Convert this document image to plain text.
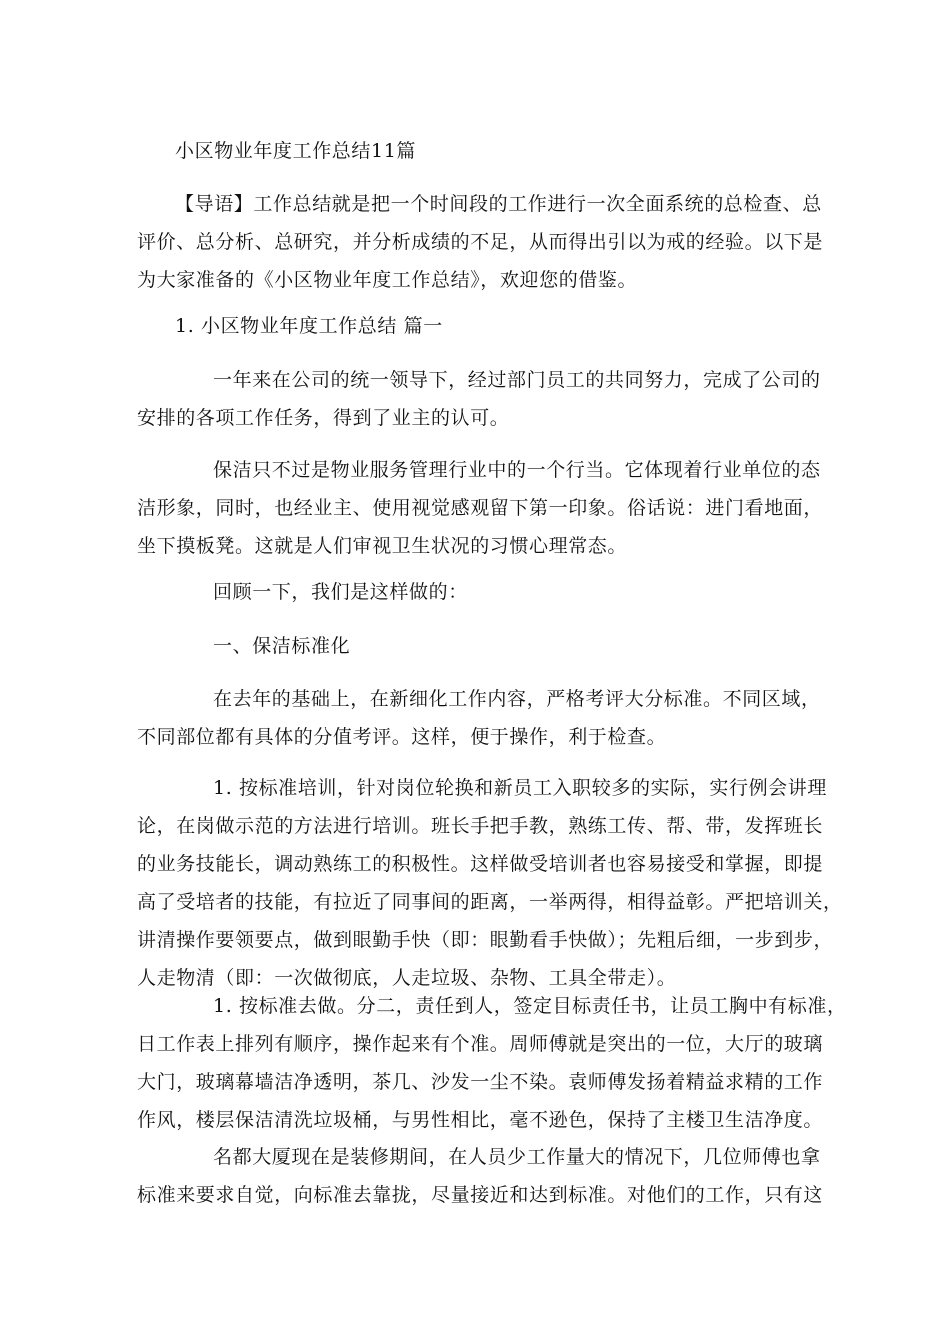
小区物业年度工作总结11篇
【导语】工作总结就是把一个时间段的工作进行一次全面系统的总检查、总
评价、总分析、总研究，并分析成绩的不足，从而得出引以为戒的经验。以下是
为大家准备的《小区物业年度工作总结》，欢迎您的借鉴。
1. 小区物业年度工作总结 篇一
一年来在公司的统一领导下，经过部门员工的共同努力，完成了公司的
安排的各项工作任务，得到了业主的认可。
保洁只不过是物业服务管理行业中的一个行当。它体现着行业单位的态
洁形象，同时，也经业主、使用视觉感观留下第一印象。俗话说：进门看地面，
坐下摸板凳。这就是人们审视卫生状况的习惯心理常态。
回顾一下，我们是这样做的：
一、保洁标准化
在去年的基础上，在新细化工作内容，严格考评大分标准。不同区域，
不同部位都有具体的分值考评。这样，便于操作，利于检查。
1. 按标准培训，针对岗位轮换和新员工入职较多的实际，实行例会讲理
论，在岗做示范的方法进行培训。班长手把手教，熟练工传、帮、带，发挥班长
的业务技能长，调动熟练工的积极性。这样做受培训者也容易接受和掌握，即提
高了受培者的技能，有拉近了同事间的距离，一举两得，相得益彰。严把培训关，
讲清操作要领要点，做到眼勤手快（即：眼勤看手快做）；先粗后细，一步到步，
人走物清（即：一次做彻底，人走垃圾、杂物、工具全带走）。
1. 按标准去做。分二，责任到人，签定目标责任书，让员工胸中有标准，
日工作表上排列有顺序，操作起来有个准。周师傅就是突出的一位，大厅的玻璃
大门，玻璃幕墙洁净透明，茶几、沙发一尘不染。袁师傅发扬着精益求精的工作
作风，楼层保洁清洗垃圾桶，与男性相比，毫不逊色，保持了主楼卫生洁净度。
名都大厦现在是装修期间，在人员少工作量大的情况下，几位师傅也拿
标准来要求自觉，向标准去靠拢，尽量接近和达到标准。对他们的工作，只有这
